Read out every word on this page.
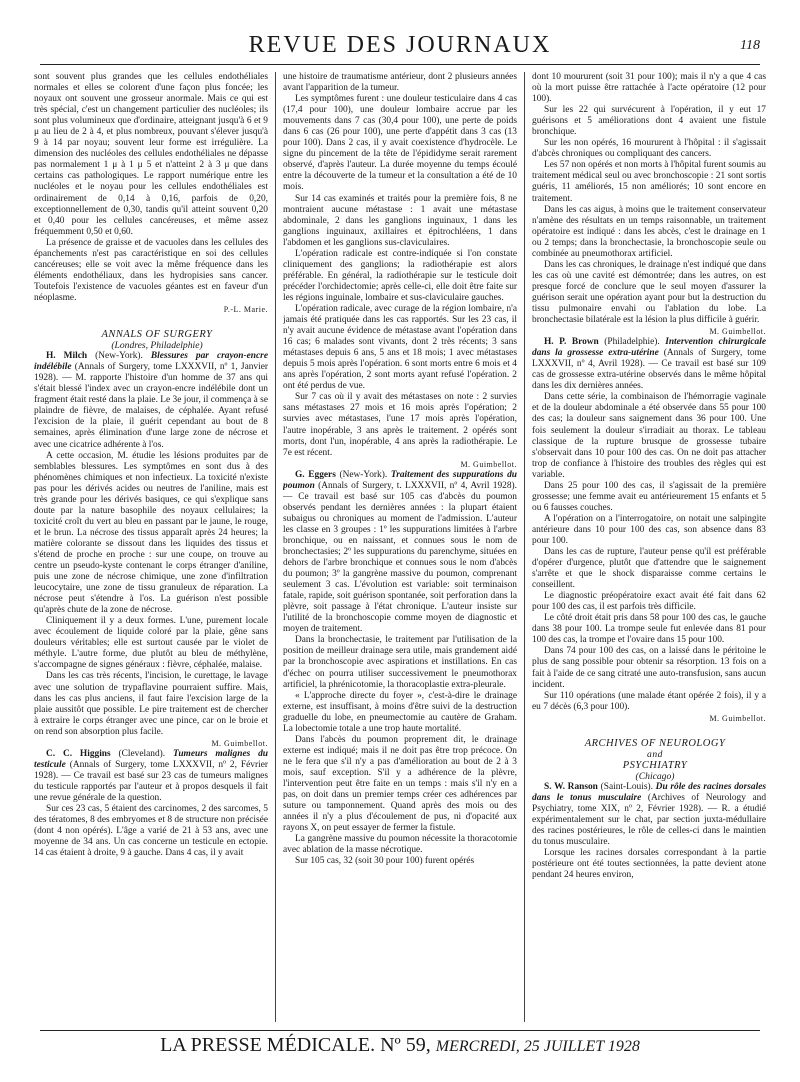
REVUE DES JOURNAUX	118

sont souvent plus grandes que les cellules endothéliales normales et elles se colorent d'une façon plus foncée; les noyaux ont souvent une grosseur anormale. Mais ce qui est très spécial, c'est un changement particulier des nucléoles; ils sont plus volumineux que d'ordinaire, atteignant jusqu'à 6 et 9 μ au lieu de 2 à 4, et plus nombreux, pouvant s'élever jusqu'à 9 à 14 par noyau; souvent leur forme est irrégulière. La dimension des nucléoles des cellules endothéliales ne dépasse pas normalement 1 μ à 1 μ 5 et n'atteint 2 à 3 μ que dans certains cas pathologiques. Le rapport numérique entre les nucléoles et le noyau pour les cellules endothéliales est ordinairement de 0,14 à 0,16, parfois de 0,20, exceptionnellement de 0,30, tandis qu'il atteint souvent 0,20 et 0,40 pour les cellules cancéreuses, et même assez fréquemment 0,50 et 0,60.

La présence de graisse et de vacuoles dans les cellules des épanchements n'est pas caractéristique en soi des cellules cancéreuses; elle se voit avec la même fréquence dans les éléments endothéliaux, dans les hydropisies sans cancer. Toutefois l'existence de vacuoles géantes est en faveur d'un néoplasme.

P.-L. Marie.

ANNALS OF SURGERY

(Londres, Philadelphie)

H. Milch (New-York). Blessures par crayon-encre indélébile (Annals of Surgery, tome LXXXVII, nº 1, Janvier 1928). — M. rapporte l'histoire d'un homme de 37 ans qui s'était blessé l'index avec un crayon-encre indélébile dont un fragment était resté dans la plaie. Le 3e jour, il commença à se plaindre de fièvre, de malaises, de céphalée. Ayant refusé l'excision de la plaie, il guérit cependant au bout de 8 semaines, après élimination d'une large zone de nécrose et avec une cicatrice adhérente à l'os.

A cette occasion, M. étudie les lésions produites par de semblables blessures. Les symptômes en sont dus à des phénomènes chimiques et non infectieux. La toxicité n'existe pas pour les dérivés acides ou neutres de l'aniline, mais est très grande pour les dérivés basiques, ce qui s'explique sans doute par la nature basophile des noyaux cellulaires; la toxicité croît du vert au bleu en passant par le jaune, le rouge, et le brun. La nécrose des tissus apparaît après 24 heures; la matière colorante se dissout dans les liquides des tissus et s'étend de proche en proche : sur une coupe, on trouve au centre un pseudo-kyste contenant le corps étranger d'aniline, puis une zone de nécrose chimique, une zone d'infiltration leucocytaire, une zone de tissu granuleux de réparation. La nécrose peut s'étendre à l'os. La guérison n'est possible qu'après chute de la zone de nécrose.

Cliniquement il y a deux formes. L'une, purement locale avec écoulement de liquide coloré par la plaie, gêne sans douleurs véritables; elle est surtout causée par le violet de méthyle. L'autre forme, due plutôt au bleu de méthylène, s'accompagne de signes généraux : fièvre, céphalée, malaise.

Dans les cas très récents, l'incision, le curettage, le lavage avec une solution de trypaflavine pourraient suffire. Mais, dans les cas plus anciens, il faut faire l'excision large de la plaie aussitôt que possible. Le pire traitement est de chercher à extraire le corps étranger avec une pince, car on le broie et on rend son absorption plus facile.

M. Guimbellot.

C. C. Higgins (Cleveland). Tumeurs malignes du testicule (Annals of Surgery, tome LXXXVII, nº 2, Février 1928). — Ce travail est basé sur 23 cas de tumeurs malignes du testicule rapportés par l'auteur et à propos desquels il fait une revue générale de la question.

Sur ces 23 cas, 5 étaient des carcinomes, 2 des sarcomes, 5 des tératomes, 8 des embryomes et 8 de structure non précisée (dont 4 non opérés). L'âge a varié de 21 à 53 ans, avec une moyenne de 34 ans. Un cas concerne un testicule en ectopie. 14 cas étaient à droite, 9 à gauche. Dans 4 cas, il y avait

une histoire de traumatisme antérieur, dont 2 plusieurs années avant l'apparition de la tumeur.

Les symptômes furent : une douleur testiculaire dans 4 cas (17,4 pour 100), une douleur lombaire accrue par les mouvements dans 7 cas (30,4 pour 100), une perte de poids dans 6 cas (26 pour 100), une perte d'appétit dans 3 cas (13 pour 100). Dans 2 cas, il y avait coexistence d'hydrocèle. Le signe du pincement de la tête de l'épididyme serait rarement observé, d'après l'auteur. La durée moyenne du temps écoulé entre la découverte de la tumeur et la consultation a été de 10 mois.

Sur 14 cas examinés et traités pour la première fois, 8 ne montraient aucune métastase : 1 avait une métastase abdominale, 2 dans les ganglions inguinaux, 1 dans les ganglions inguinaux, axillaires et épitrochléens, 1 dans l'abdomen et les ganglions sus-claviculaires.

L'opération radicale est contre-indiquée si l'on constate cliniquement des ganglions; la radiothérapie est alors préférable. En général, la radiothérapie sur le testicule doit précéder l'orchidectomie; après celle-ci, elle doit être faite sur les régions inguinale, lombaire et sus-claviculaire gauches.

L'opération radicale, avec curage de la région lombaire, n'a jamais été pratiquée dans les cas rapportés. Sur les 23 cas, il n'y avait aucune évidence de métastase avant l'opération dans 16 cas; 6 malades sont vivants, dont 2 très récents; 3 sans métastases depuis 6 ans, 5 ans et 18 mois; 1 avec métastases depuis 5 mois après l'opération. 6 sont morts entre 6 mois et 4 ans après l'opération, 2 sont morts ayant refusé l'opération. 2 ont été perdus de vue.

Sur 7 cas où il y avait des métastases on note : 2 survies sans métastases 27 mois et 16 mois après l'opération; 2 survies avec métastases, l'une 17 mois après l'opération, l'autre inopérable, 3 ans après le traitement. 2 opérés sont morts, dont l'un, inopérable, 4 ans après la radiothérapie. Le 7e est récent.

M. Guimbellot.

G. Eggers (New-York). Traitement des suppurations du poumon (Annals of Surgery, t. LXXXVII, nº 4, Avril 1928). — Ce travail est basé sur 105 cas d'abcès du poumon observés pendant les dernières années : la plupart étaient subaigus ou chroniques au moment de l'admission. L'auteur les classe en 3 groupes : 1º les suppurations limitées à l'arbre bronchique, ou en naissant, et connues sous le nom de bronchectasies; 2º les suppurations du parenchyme, situées en dehors de l'arbre bronchique et connues sous le nom d'abcès du poumon; 3º la gangrène massive du poumon, comprenant seulement 3 cas. L'évolution est variable: soit terminaison fatale, rapide, soit guérison spontanée, soit perforation dans la plèvre, soit passage à l'état chronique. L'auteur insiste sur l'utilité de la bronchoscopie comme moyen de diagnostic et moyen de traitement.

Dans la bronchectasie, le traitement par l'utilisation de la position de meilleur drainage sera utile, mais grandement aidé par la bronchoscopie avec aspirations et instillations. En cas d'échec on pourra utiliser successivement le pneumothorax artificiel, la phrénicotomie, la thoracoplastie extra-pleurale.

« L'approche directe du foyer », c'est-à-dire le drainage externe, est insuffisant, à moins d'être suivi de la destruction graduelle du lobe, en pneumectomie au cautère de Graham. La lobectomie totale a une trop haute mortalité.

Dans l'abcès du poumon proprement dit, le drainage externe est indiqué; mais il ne doit pas être trop précoce. On ne le fera que s'il n'y a pas d'amélioration au bout de 2 à 3 mois, sauf exception. S'il y a adhérence de la plèvre, l'intervention peut être faite en un temps : mais s'il n'y en a pas, on doit dans un premier temps créer ces adhérences par suture ou tamponnement. Quand après des mois ou des années il n'y a plus d'écoulement de pus, ni d'opacité aux rayons X, on peut essayer de fermer la fistule.

La gangrène massive du poumon nécessite la thoracotomie avec ablation de la masse nécrotique.

Sur 105 cas, 32 (soit 30 pour 100) furent opérés

dont 10 moururent (soit 31 pour 100); mais il n'y a que 4 cas où la mort puisse être rattachée à l'acte opératoire (12 pour 100).

Sur les 22 qui survécurent à l'opération, il y eut 17 guérisons et 5 améliorations dont 4 avaient une fistule bronchique.

Sur les non opérés, 16 moururent à l'hôpital : il s'agissait d'abcès chroniques ou compliquant des cancers.

Les 57 non opérés et non morts à l'hôpital furent soumis au traitement médical seul ou avec bronchoscopie : 21 sont sortis guéris, 11 améliorés, 15 non améliorés; 10 sont encore en traitement.

Dans les cas aigus, à moins que le traitement conservateur n'amène des résultats en un temps raisonnable, un traitement opératoire est indiqué : dans les abcès, c'est le drainage en 1 ou 2 temps; dans la bronchectasie, la bronchoscopie seule ou combinée au pneumothorax artificiel.

Dans les cas chroniques, le drainage n'est indiqué que dans les cas où une cavité est démontrée; dans les autres, on est presque forcé de conclure que le seul moyen d'assurer la guérison serait une opération ayant pour but la destruction du tissu pulmonaire envahi ou l'ablation du lobe. La bronchectasie bilatérale est la lésion la plus difficile à guérir.

M. Guimbellot.

H. P. Brown (Philadelphie). Intervention chirurgicale dans la grossesse extra-utérine (Annals of Surgery, tome LXXXVII, nº 4, Avril 1928). — Ce travail est basé sur 109 cas de grossesse extra-utérine observés dans le même hôpital dans les dix dernières années.

Dans cette série, la combinaison de l'hémorragie vaginale et de la douleur abdominale a été observée dans 55 pour 100 des cas; la douleur sans saignement dans 36 pour 100. Une fois seulement la douleur s'irradiait au thorax. Le tableau classique de la rupture brusque de grossesse tubaire s'observait dans 10 pour 100 des cas. On ne doit pas attacher trop de confiance à l'histoire des troubles des règles qui est variable.

Dans 25 pour 100 des cas, il s'agissait de la première grossesse; une femme avait eu antérieurement 15 enfants et 5 ou 6 fausses couches.

A l'opération on a l'interrogatoire, on notait une salpingite antérieure dans 10 pour 100 des cas, son absence dans 83 pour 100.

Dans les cas de rupture, l'auteur pense qu'il est préférable d'opérer d'urgence, plutôt que d'attendre que le saignement s'arrête et que le shock disparaisse comme certains le conseillent.

Le diagnostic préopératoire exact avait été fait dans 62 pour 100 des cas, il est parfois très difficile.

Le côté droit était pris dans 58 pour 100 des cas, le gauche dans 38 pour 100. La trompe seule fut enlevée dans 81 pour 100 des cas, la trompe et l'ovaire dans 15 pour 100.

Dans 74 pour 100 des cas, on a laissé dans le péritoine le plus de sang possible pour obtenir sa résorption. 13 fois on a fait à l'aide de ce sang citraté une auto-transfusion, sans aucun incident.

Sur 110 opérations (une malade étant opérée 2 fois), il y a eu 7 décès (6,3 pour 100).

M. Guimbellot.

ARCHIVES OF NEUROLOGY

and

PSYCHIATRY

(Chicago)

S. W. Ranson (Saint-Louis). Du rôle des racines dorsales dans le tonus musculaire (Archives of Neurology and Psychiatry, tome XIX, nº 2, Février 1928). — R. a étudié expérimentalement sur le chat, par section juxta-médullaire des racines postérieures, le rôle de celles-ci dans le maintien du tonus musculaire.

Lorsque les racines dorsales correspondant à la partie postérieure ont été toutes sectionnées, la patte devient atone pendant 24 heures environ,

LA PRESSE MÉDICALE. Nº 59, MERCREDI, 25 JUILLET 1928
